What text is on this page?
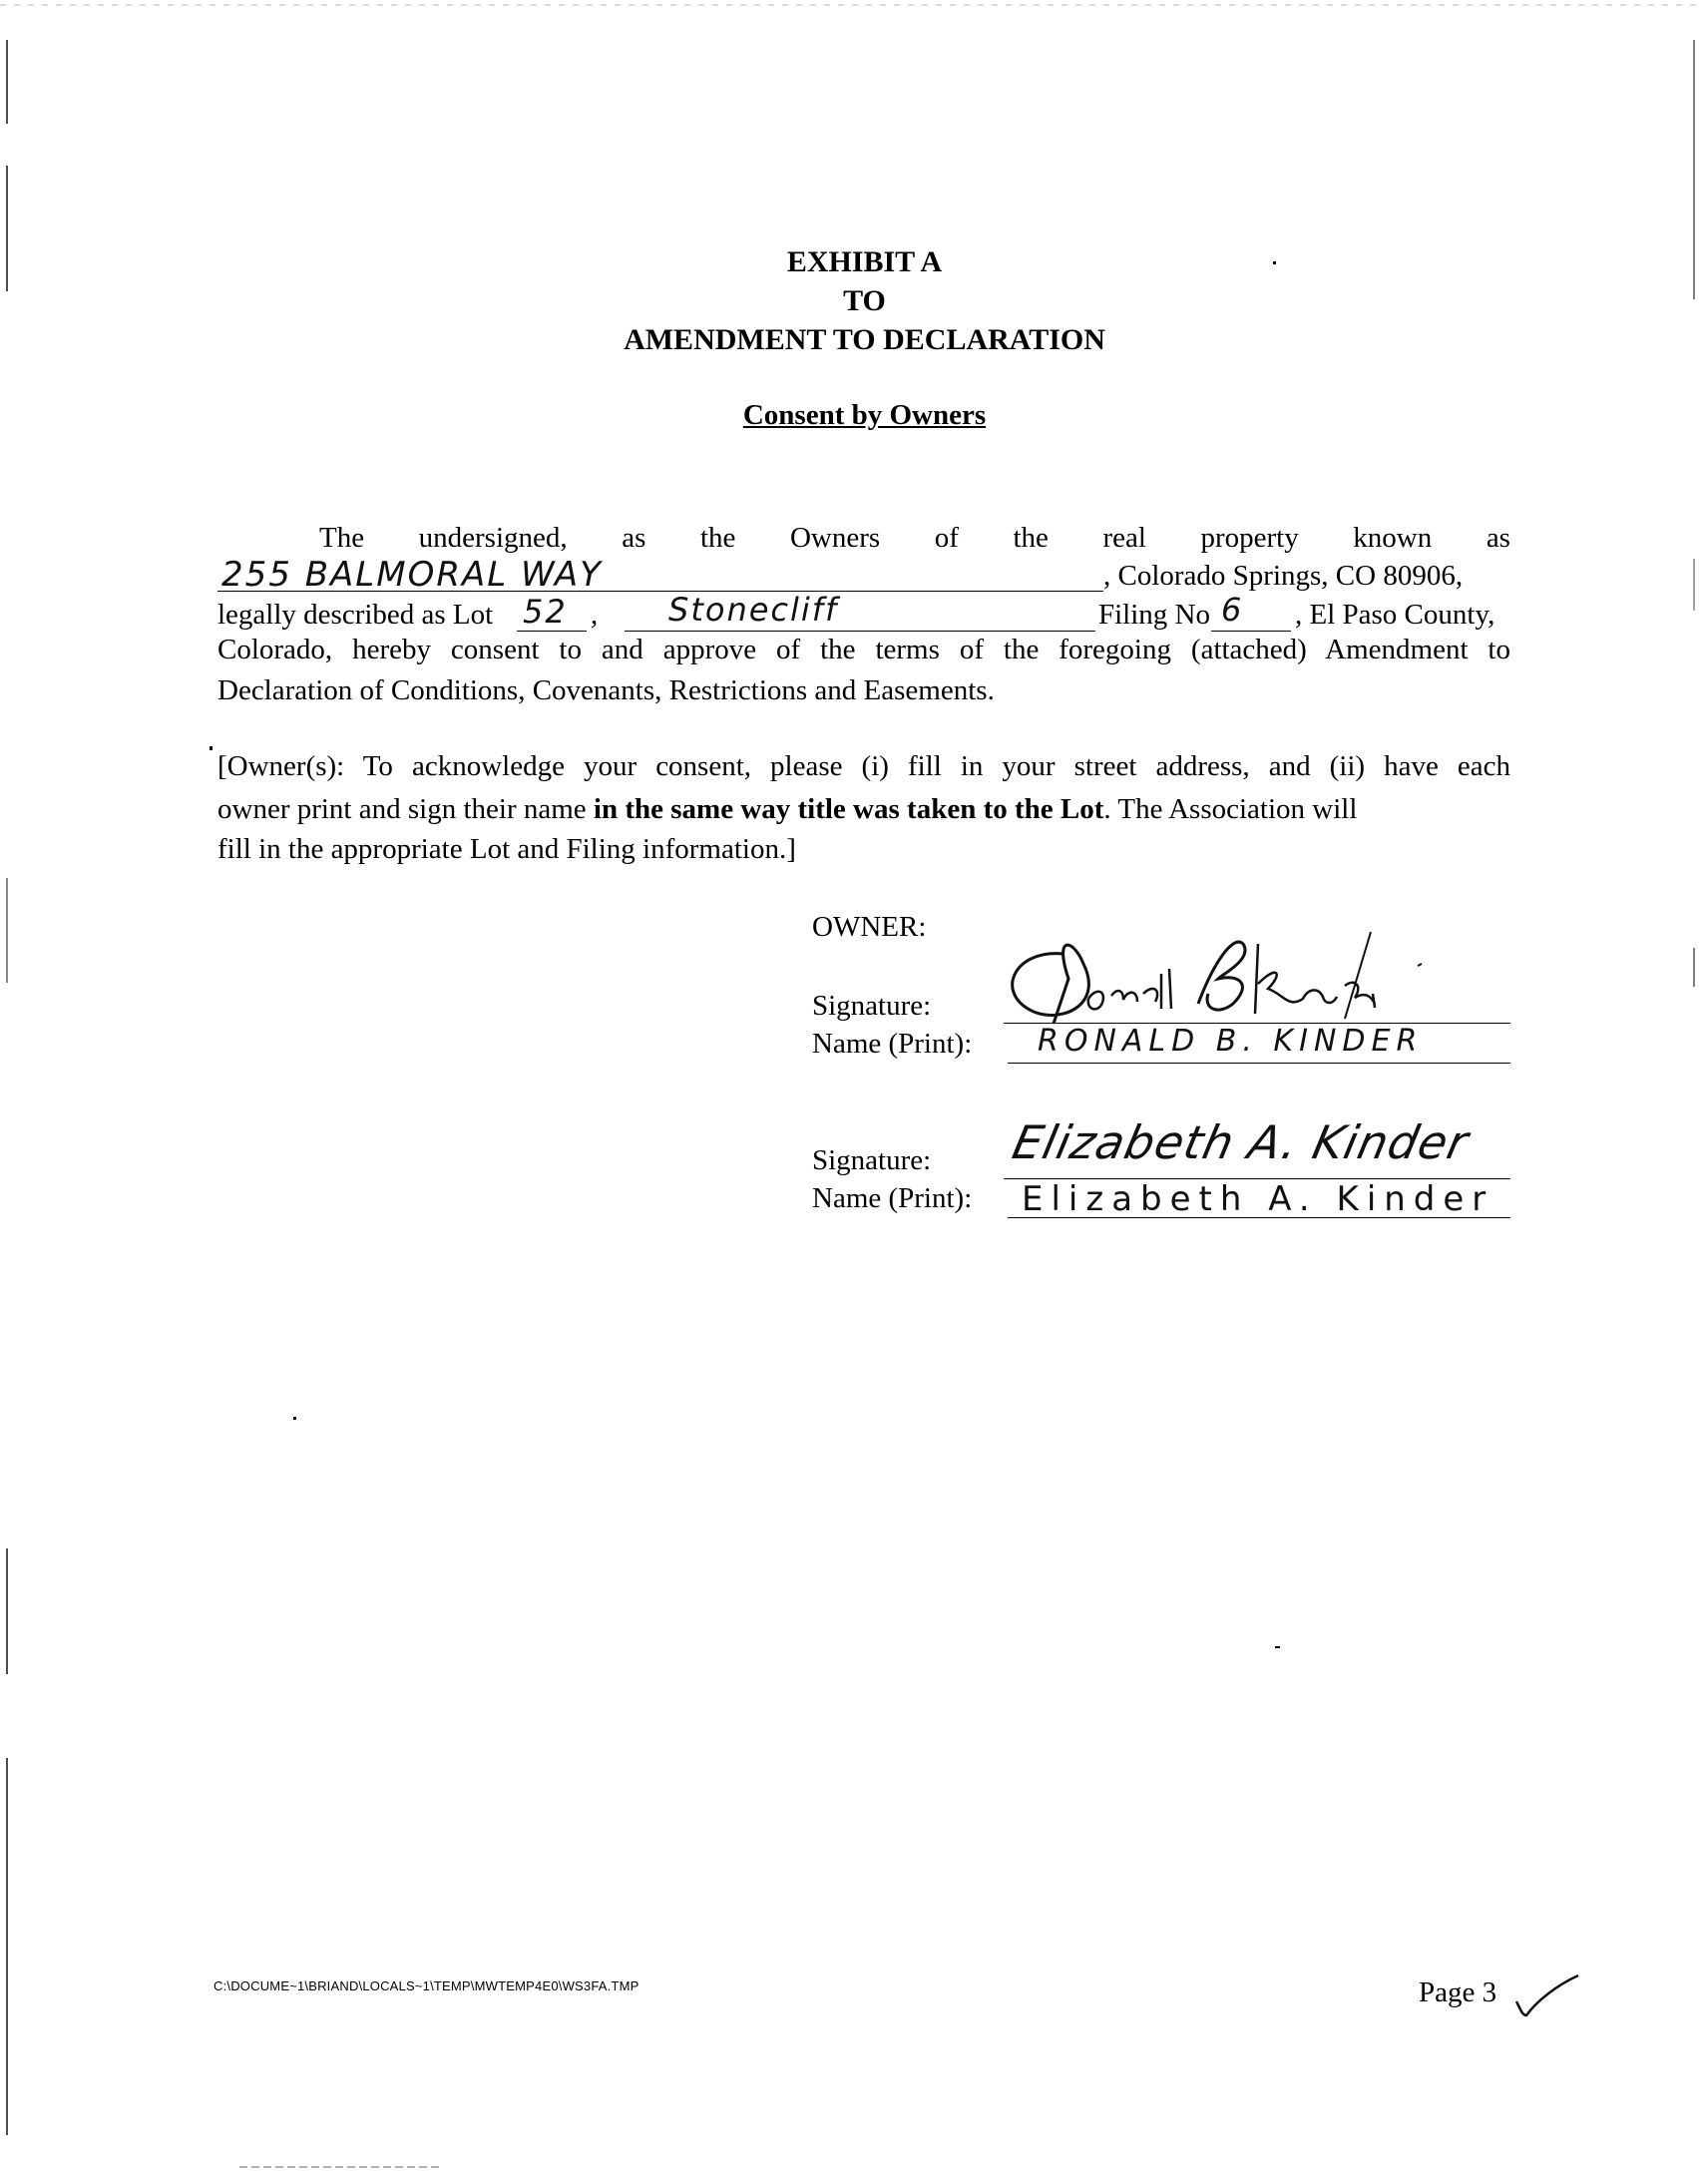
EXHIBIT A
TO
AMENDMENT TO DECLARATION
Consent by Owners
The undersigned, as the Owners of the real property known as
255 BALMORAL WAY	, Colorado Springs, CO 80906,
legally described as Lot 52 , Stonecliff	Filing No 6 , El Paso County,
Colorado, hereby consent to and approve of the terms of the foregoing (attached) Amendment to
Declaration of Conditions, Covenants, Restrictions and Easements.
[Owner(s): To acknowledge your consent, please (i) fill in your street address, and (ii) have each
owner print and sign their name in the same way title was taken to the Lot. The Association will
fill in the appropriate Lot and Filing information.]
OWNER:
Signature:
Name (Print): RONALD B. KINDER
Signature: Elizabeth A. Kinder
Name (Print): Elizabeth A. Kinder
C:\DOCUME~1\BRIAND\LOCALS~1\TEMP\MWTEMP4E0\WS3FA.TMP	Page 3
